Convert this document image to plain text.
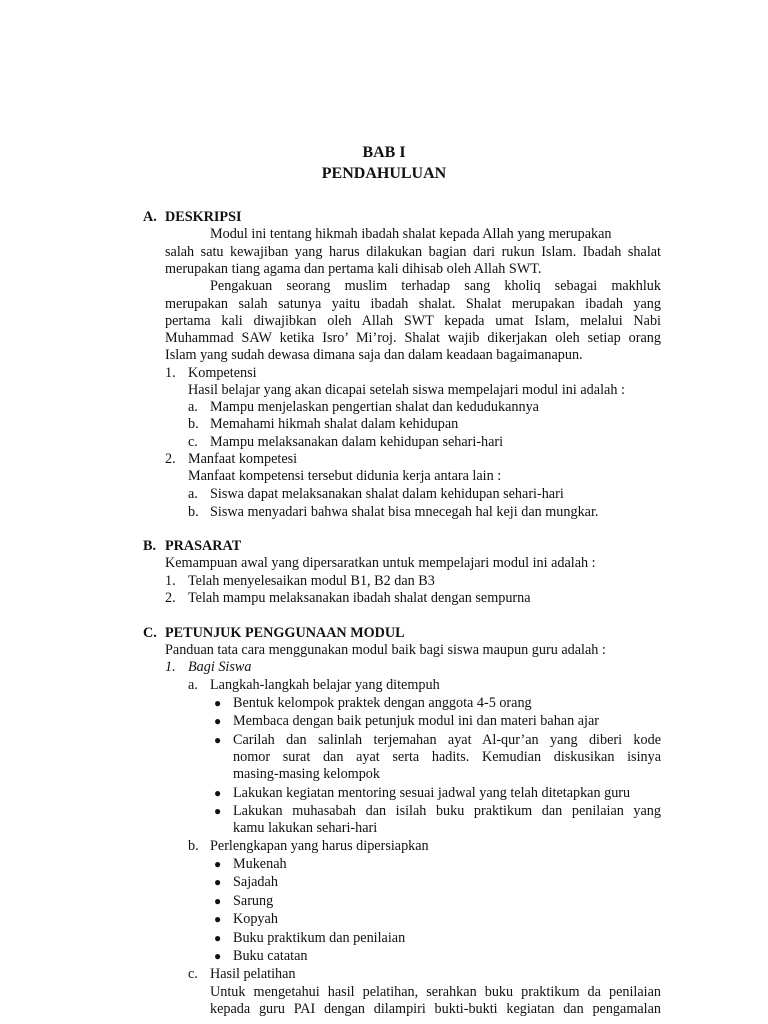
BAB I
PENDAHULUAN
A. DESKRIPSI
Modul ini tentang hikmah ibadah shalat kepada Allah yang merupakan
salah satu kewajiban yang harus dilakukan bagian dari rukun Islam. Ibadah shalat
merupakan tiang agama dan pertama kali dihisab oleh Allah SWT.
Pengakuan seorang muslim terhadap sang kholiq sebagai makhluk
merupakan salah satunya yaitu ibadah shalat. Shalat merupakan ibadah yang
pertama kali diwajibkan oleh Allah SWT kepada umat Islam, melalui Nabi
Muhammad SAW ketika Isro’ Mi’roj. Shalat wajib dikerjakan oleh setiap orang
Islam yang sudah dewasa dimana saja dan dalam keadaan bagaimanapun.
1. Kompetensi
Hasil belajar yang akan dicapai setelah siswa mempelajari modul ini adalah :
a. Mampu menjelaskan pengertian shalat dan kedudukannya
b. Memahami hikmah shalat dalam kehidupan
c. Mampu melaksanakan dalam kehidupan sehari-hari
2. Manfaat kompetesi
Manfaat kompetensi tersebut didunia kerja antara lain :
a. Siswa dapat melaksanakan shalat dalam kehidupan sehari-hari
b. Siswa menyadari bahwa shalat bisa mnecegah hal keji dan mungkar.
B. PRASARAT
Kemampuan awal yang dipersaratkan untuk mempelajari modul ini adalah :
1. Telah menyelesaikan modul B1, B2 dan B3
2. Telah mampu melaksanakan ibadah shalat dengan sempurna
C. PETUNJUK PENGGUNAAN MODUL
Panduan tata cara menggunakan modul baik bagi siswa maupun guru adalah :
1. Bagi Siswa
a. Langkah-langkah belajar yang ditempuh
● Bentuk kelompok praktek dengan anggota 4-5 orang
● Membaca dengan baik petunjuk modul ini dan materi bahan ajar
● Carilah dan salinlah terjemahan ayat Al-qur’an yang diberi kode
nomor surat dan ayat serta hadits. Kemudian diskusikan isinya
masing-masing kelompok
● Lakukan kegiatan mentoring sesuai jadwal yang telah ditetapkan guru
● Lakukan muhasabah dan isilah buku praktikum dan penilaian yang
kamu lakukan sehari-hari
b. Perlengkapan yang harus dipersiapkan
● Mukenah
● Sajadah
● Sarung
● Kopyah
● Buku praktikum dan penilaian
● Buku catatan
c. Hasil pelatihan
Untuk mengetahui hasil pelatihan, serahkan buku praktikum da penilaian
kepada guru PAI dengan dilampiri bukti-bukti kegiatan dan pengamalan
